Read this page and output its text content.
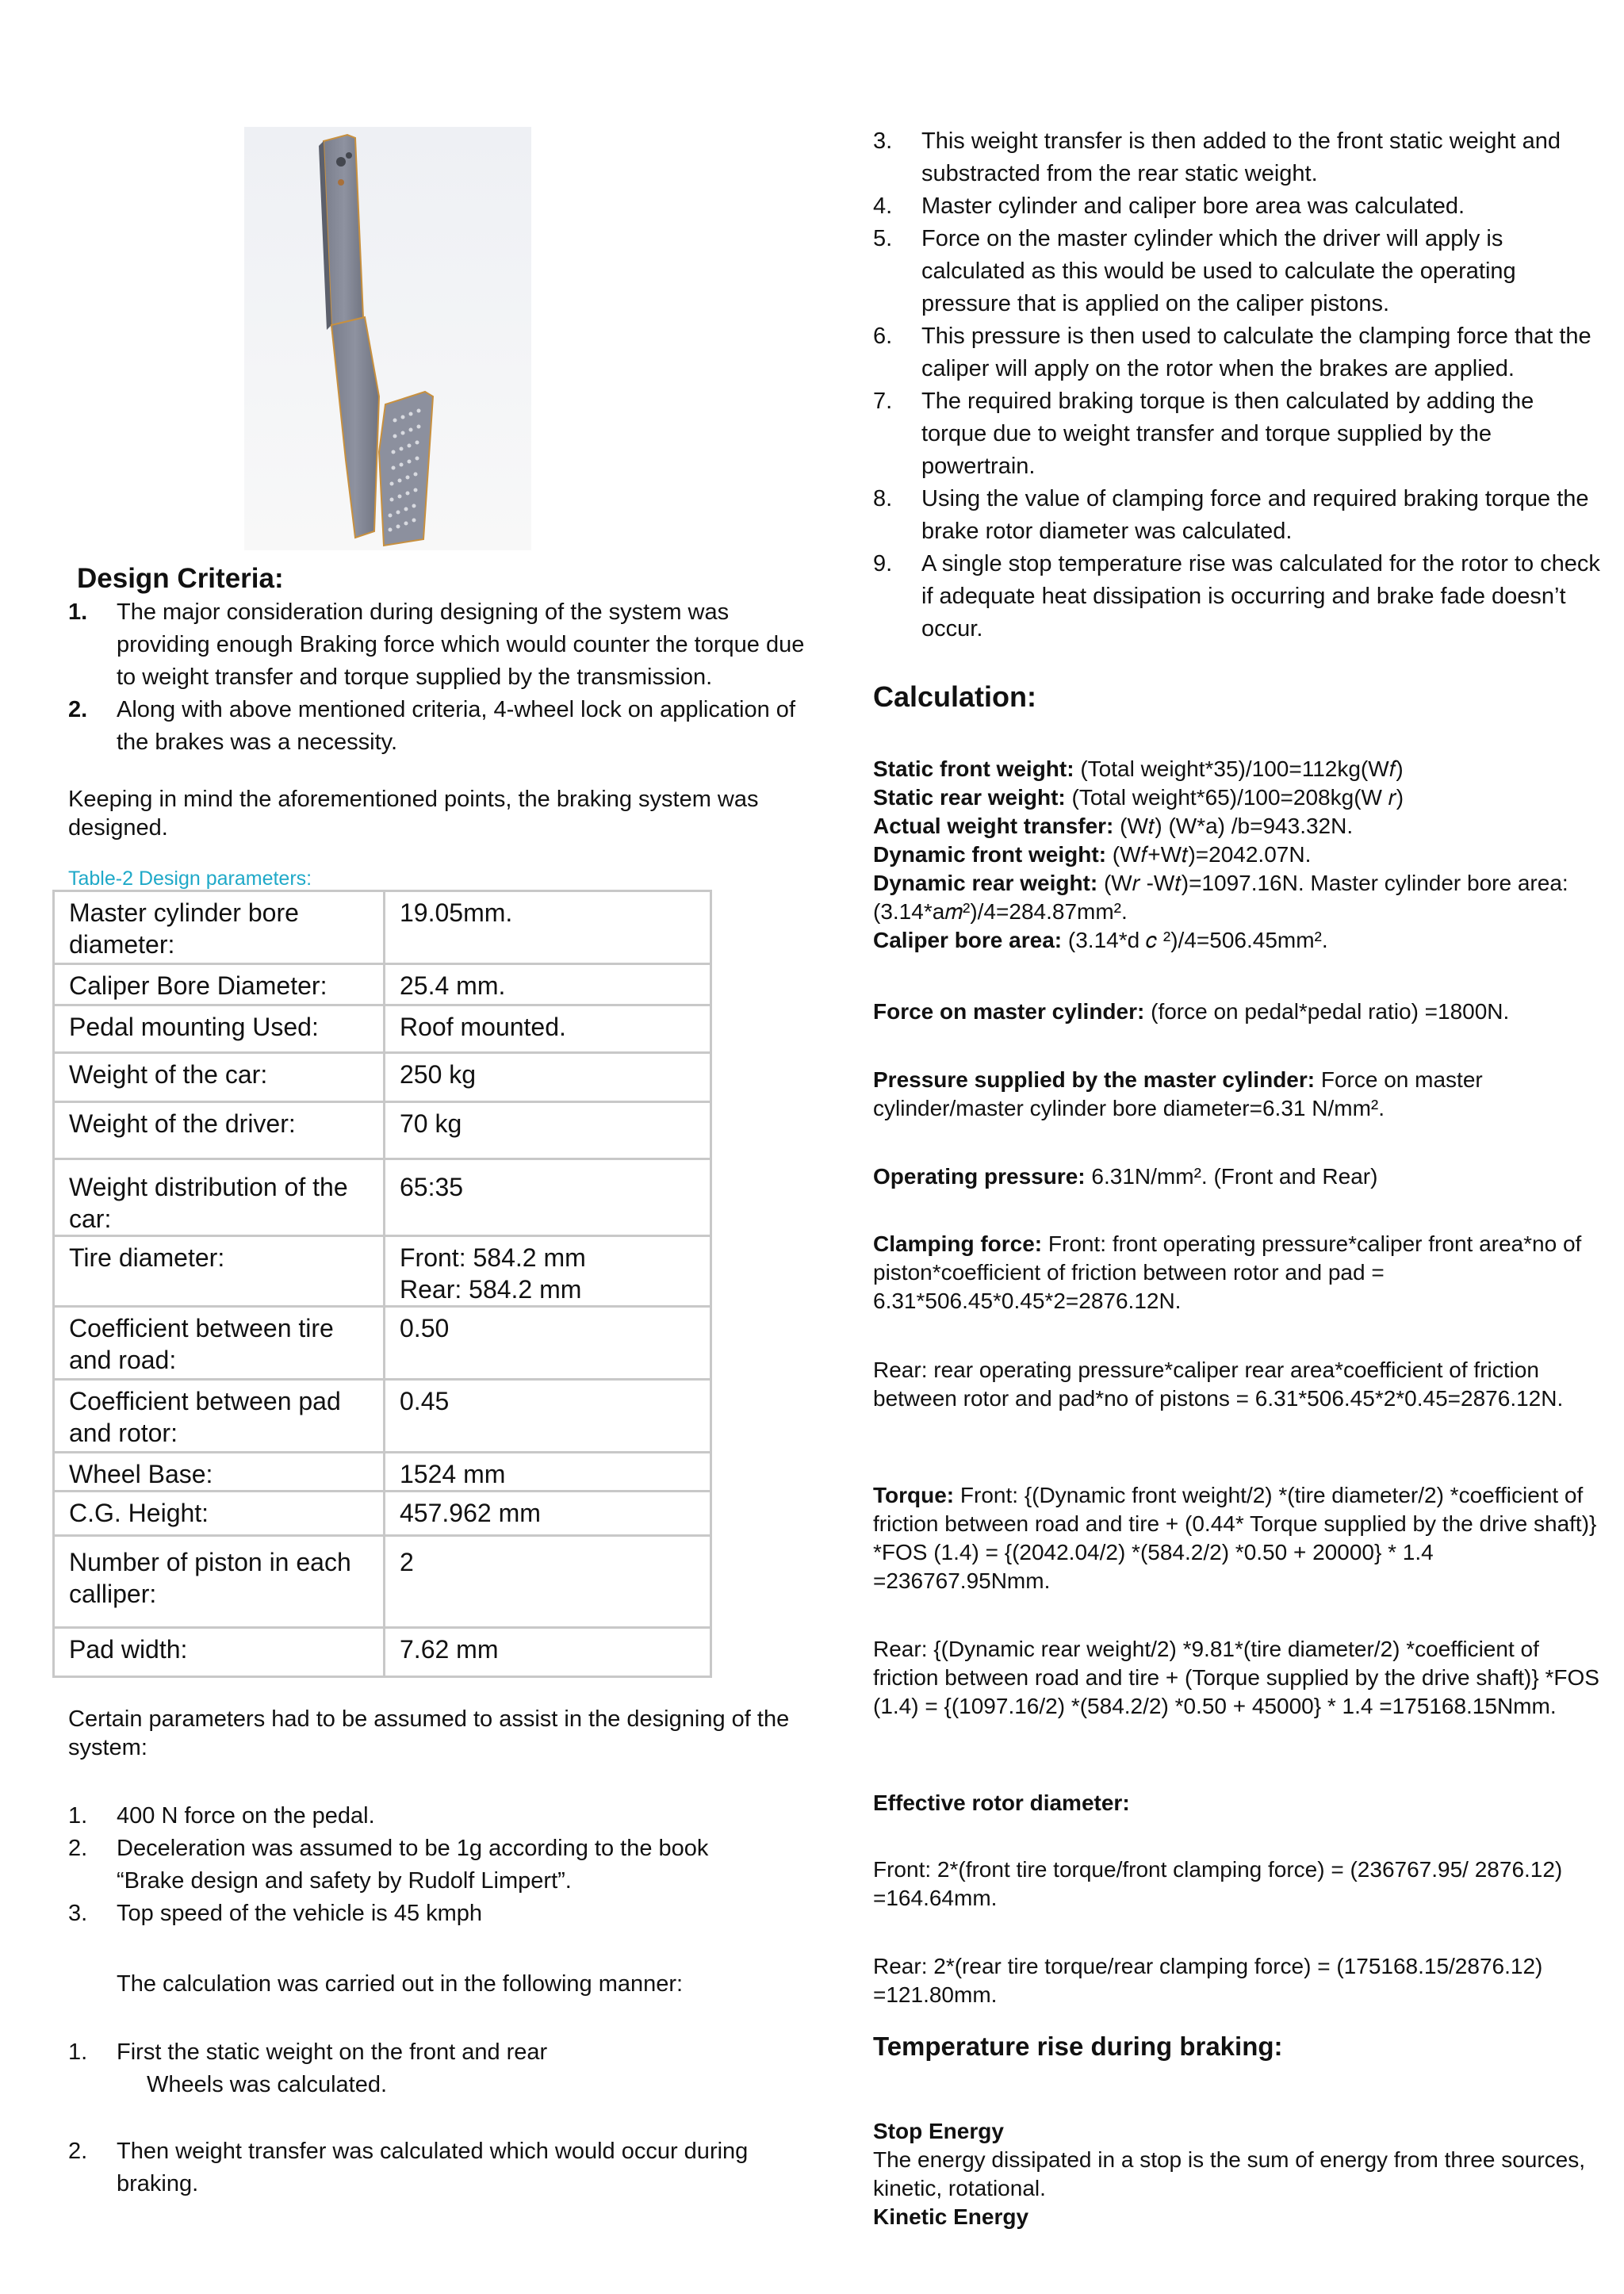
Design Criteria:
1. The major consideration during designing of the system was providing enough Braking force which would counter the torque due to weight transfer and torque supplied by the transmission.
2. Along with above mentioned criteria, 4-wheel lock on application of the brakes was a necessity.
Keeping in mind the aforementioned points, the braking system was designed.
Table-2 Design parameters:
Master cylinder bore diameter:	19.05mm.
Caliper Bore Diameter:	25.4 mm.
Pedal mounting Used:	Roof mounted.
Weight of the car:	250 kg
Weight of the driver:	70 kg
Weight distribution of the car:	65:35
Tire diameter:	Front: 584.2 mm
Rear: 584.2 mm

Coefficient between tire and road:	0.50
Coefficient between pad and rotor:	0.45
Wheel Base:	1524 mm
C.G. Height:	457.962 mm
Number of piston in each calliper:	2
Pad width:	7.62 mm
Certain parameters had to be assumed to assist in the designing of the system:
1. 400 N force on the pedal.
2. Deceleration was assumed to be 1g according to the book “Brake design and safety by Rudolf Limpert”.
3. Top speed of the vehicle is 45 kmph
The calculation was carried out in the following manner:
1. First the static weight on the front and rear
Wheels was calculated.
2. Then weight transfer was calculated which would occur during braking.
3. This weight transfer is then added to the front static weight and substracted from the rear static weight.
4. Master cylinder and caliper bore area was calculated.
5. Force on the master cylinder which the driver will apply is calculated as this would be used to calculate the operating pressure that is applied on the caliper pistons.
6. This pressure is then used to calculate the clamping force that the caliper will apply on the rotor when the brakes are applied.
7. The required braking torque is then calculated by adding the torque due to weight transfer and torque supplied by the powertrain.
8. Using the value of clamping force and required braking torque the brake rotor diameter was calculated.
9. A single stop temperature rise was calculated for the rotor to check if adequate heat dissipation is occurring and brake fade doesn’t occur.
Calculation:
Static front weight: (Total weight*35)/100=112kg(W𝑓)
Static rear weight: (Total weight*65)/100=208kg(W 𝑟)
Actual weight transfer: (W𝑡) (W*a) /b=943.32N.
Dynamic front weight: (W𝑓+W𝑡)=2042.07N.
Dynamic rear weight: (W𝑟 -W𝑡)=1097.16N. Master cylinder bore area: (3.14*a𝑚²)/4=284.87mm².
Caliper bore area: (3.14*d 𝑐 ²)/4=506.45mm².
Force on master cylinder: (force on pedal*pedal ratio) =1800N.
Pressure supplied by the master cylinder: Force on master cylinder/master cylinder bore diameter=6.31 N/mm².
Operating pressure: 6.31N/mm². (Front and Rear)
Clamping force: Front: front operating pressure*caliper front area*no of piston*coefficient of friction between rotor and pad = 6.31*506.45*0.45*2=2876.12N.
Rear: rear operating pressure*caliper rear area*coefficient of friction between rotor and pad*no of pistons = 6.31*506.45*2*0.45=2876.12N.
Torque: Front: {(Dynamic front weight/2) *(tire diameter/2) *coefficient of friction between road and tire + (0.44* Torque supplied by the drive shaft)} *FOS (1.4) = {(2042.04/2) *(584.2/2) *0.50 + 20000} * 1.4 =236767.95Nmm.
Rear: {(Dynamic rear weight/2) *9.81*(tire diameter/2) *coefficient of friction between road and tire + (Torque supplied by the drive shaft)} *FOS (1.4) = {(1097.16/2) *(584.2/2) *0.50 + 45000} * 1.4 =175168.15Nmm.
Effective rotor diameter:
Front: 2*(front tire torque/front clamping force) = (236767.95/ 2876.12) =164.64mm.
Rear: 2*(rear tire torque/rear clamping force) = (175168.15/2876.12) =121.80mm.
Temperature rise during braking:
Stop Energy
The energy dissipated in a stop is the sum of energy from three sources, kinetic, rotational.
Kinetic Energy
